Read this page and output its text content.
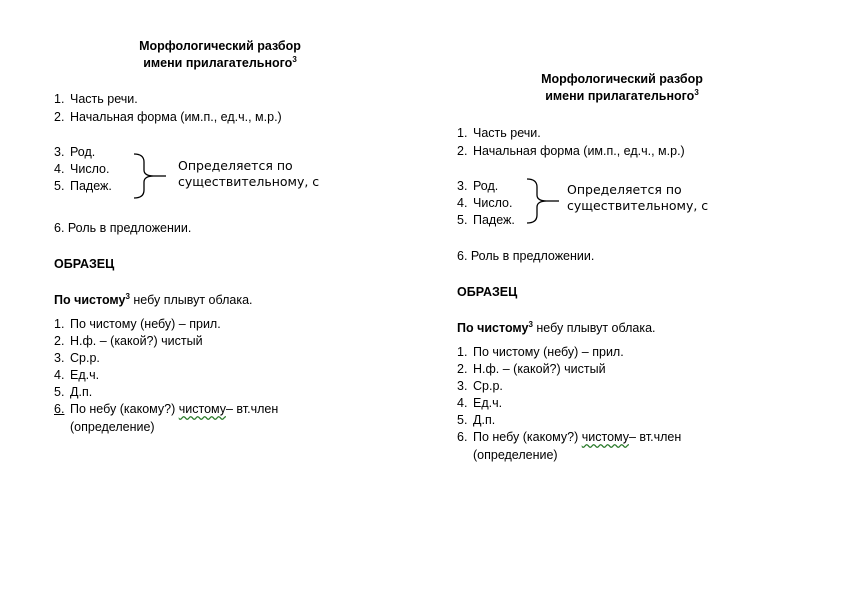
Морфологический разбор
имени прилагательного$^3$
1. Часть речи.
2. Начальная форма (им.п., ед.ч., м.р.)
3. Род.
4. Число.
5. Падеж.
Определяется по
существительному, с
6. Роль в предложении.
ОБРАЗЕЦ
По чистому$^3$ небу плывут облака.
1. По чистому (небу) – прил.
2. Н.ф. – (какой?) чистый
3. Ср.р.
4. Ед.ч.
5. Д.п.
6. По небу (какому?) чистому– вт.член
(определение)
Морфологический разбор
имени прилагательного$^3$
1. Часть речи.
2. Начальная форма (им.п., ед.ч., м.р.)
3. Род.
4. Число.
5. Падеж.
Определяется по
существительному, с
6. Роль в предложении.
ОБРАЗЕЦ
По чистому$^3$ небу плывут облака.
1. По чистому (небу) – прил.
2. Н.ф. – (какой?) чистый
3. Ср.р.
4. Ед.ч.
5. Д.п.
6. По небу (какому?) чистому– вт.член
(определение)
